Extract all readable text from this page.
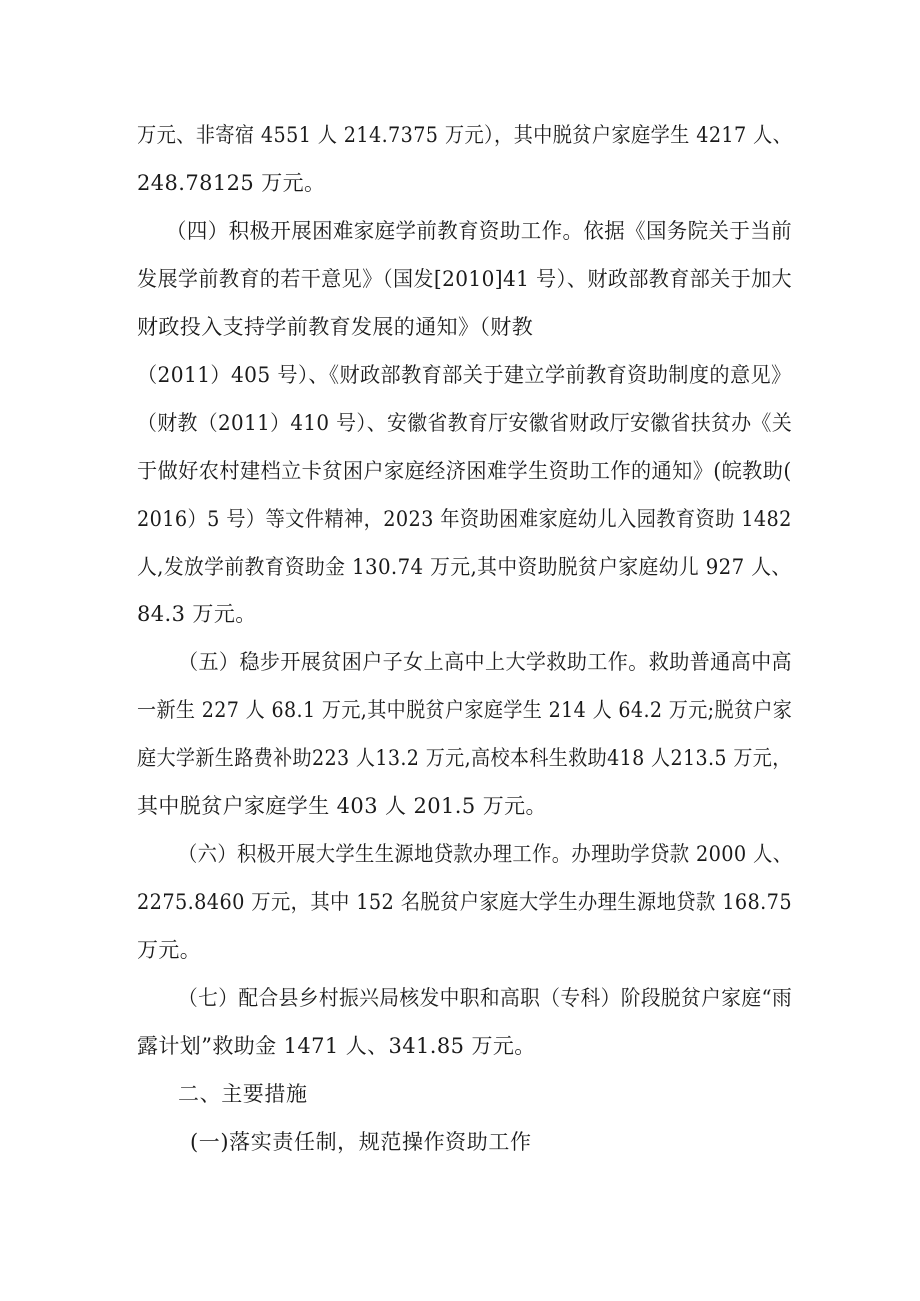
万元、非寄宿 4551 人 214.7375 万元），其中脱贫户家庭学生 4217 人、
248.78125 万元。
（四）积极开展困难家庭学前教育资助工作。依据《国务院关于当前
发展学前教育的若干意见》（国发[2010]41 号）、财政部教育部关于加大
财政投入支持学前教育发展的通知》（财教
（2011）405 号）、《财政部教育部关于建立学前教育资助制度的意见》
（财教（2011）410 号）、安徽省教育厅安徽省财政厅安徽省扶贫办《关
于做好农村建档立卡贫困户家庭经济困难学生资助工作的通知》(皖教助(
2016）5 号）等文件精神，2023 年资助困难家庭幼儿入园教育资助 1482
人,发放学前教育资助金 130.74 万元,其中资助脱贫户家庭幼儿 927 人、
84.3 万元。
（五）稳步开展贫困户子女上高中上大学救助工作。救助普通高中高
一新生 227 人 68.1 万元,其中脱贫户家庭学生 214 人 64.2 万元;脱贫户家
庭大学新生路费补助223 人13.2 万元,高校本科生救助418 人213.5 万元，
其中脱贫户家庭学生 403 人 201.5 万元。
（六）积极开展大学生生源地贷款办理工作。办理助学贷款 2000 人、
2275.8460 万元，其中 152 名脱贫户家庭大学生办理生源地贷款 168.75
万元。
（七）配合县乡村振兴局核发中职和高职（专科）阶段脱贫户家庭“雨
露计划”救助金 1471 人、341.85 万元。
二、主要措施
(一)落实责任制，规范操作资助工作
